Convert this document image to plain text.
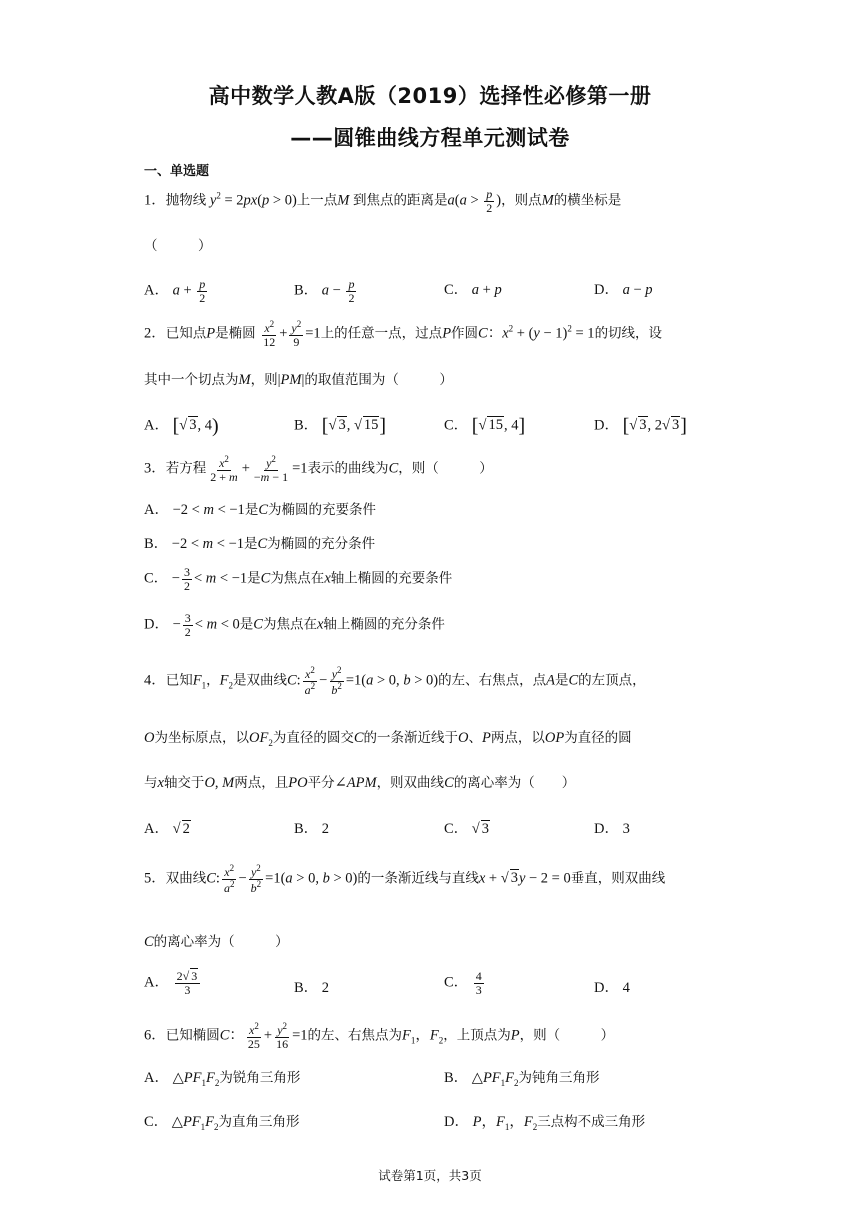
高中数学人教A版（2019）选择性必修第一册
——圆锥曲线方程单元测试卷
一、单选题
1．抛物线 $y^2 = 2px(p > 0)$上一点M 到焦点的距离是$a(a > \frac{p}{2}$ )，则点M的横坐标是
（　　　）
A． $a + \frac{p}{2}$	B． $a - \frac{p}{2}$	C． a + p	D． a − p
2．已知点P是椭圆 $\frac{x^2}{12} + \frac{y^2}{9} =1$上的任意一点，过点P作圆C：$x^2 + (y - 1)^2 = 1$的切线，设
其中一个切点为M，则|PM|的取值范围为（　　　）
A． [√ 3, 4)	B． [√ 3, √ 15]	C． [√ 15, 4]	D． [√ 3, 2√ 3]
3．若方程 $\frac{x^2}{2 + m} + \frac{y^2}{-m - 1} =1$表示的曲线为C，则（　　　）
A． −2 < m < −1是C为椭圆的充要条件
B． −2 < m < −1是C为椭圆的充分条件
C． − $\frac{3}{2} < m < -1$是C为焦点在x轴上椭圆的充要条件
D． − $\frac{3}{2} < m < 0$是C为焦点在x轴上椭圆的充分条件
4．已知$F_1$，$F_2$是双曲线C: $\frac{x^2}{a^2} - \frac{y^2}{b^2} =1(a > 0$, b > 0)的左、右焦点，点A是C的左顶点，
O为坐标原点，以$OF_2$为直径的圆交C的一条渐近线于O、P两点，以OP为直径的圆
与x轴交于O, M两点，且PO平分∠APM，则双曲线C的离心率为（　　）
A． √ 2	B． 2	C． √ 3	D． 3
5．双曲线C: $\frac{x^2}{a^2} - \frac{y^2}{b^2} =1(a > 0$, b > 0)的一条渐近线与直线x + √ 3y − 2 = 0垂直，则双曲线
C的离心率为（　　　）
A． $\frac{2√ 3}{3}$	B． 2	C． $\frac{4}{3}$	D． 4
6．已知椭圆C： $\frac{x^2}{25} + \frac{y^2}{16} =1$的左、右焦点为$F_1$，$F_2$，上顶点为P，则（　　　）
A． $\triangle PF_1F_2$为锐角三角形	B． $\triangle PF_1F_2$为钝角三角形
C． $\triangle PF_1F_2$为直角三角形	D． P，$F_1$，$F_2$三点构不成三角形
试卷第1页，共3页
